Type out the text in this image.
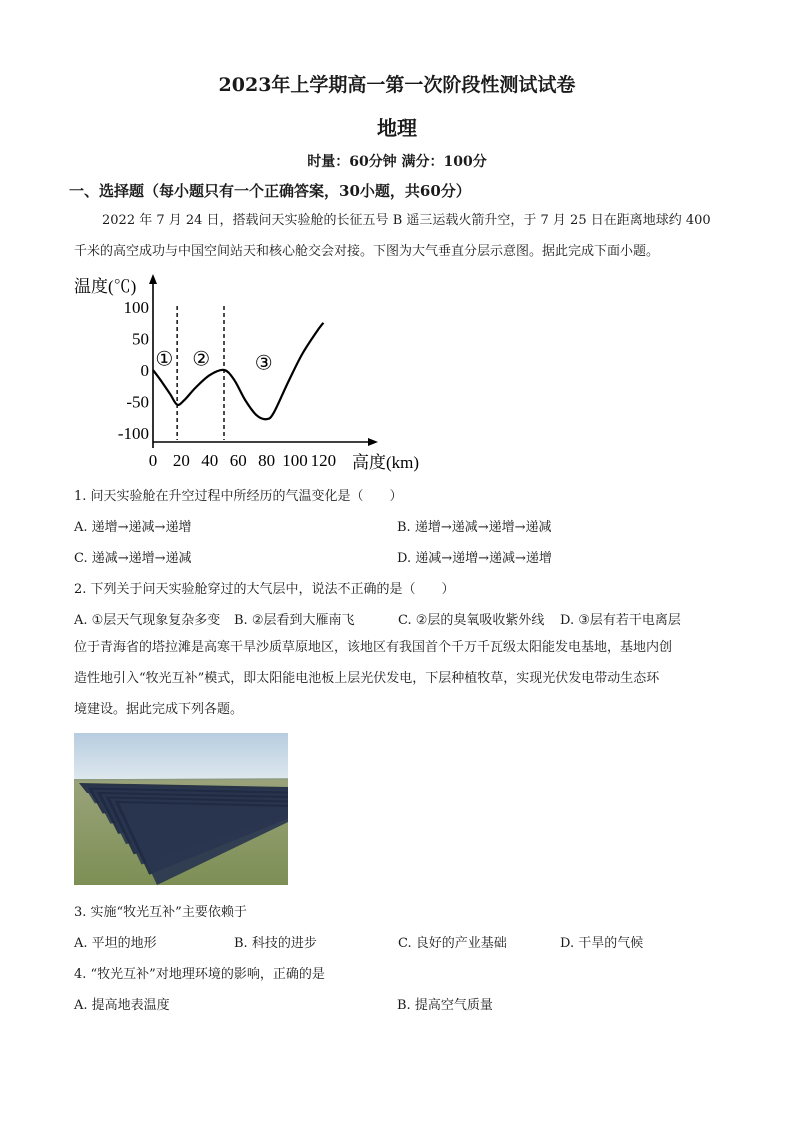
2023年上学期高一第一次阶段性测试试卷
地理
时量：60分钟 满分：100分
一、选择题（每小题只有一个正确答案，30小题，共60分）
2022 年 7 月 24 日，搭载问天实验舱的长征五号 B 遥三运载火箭升空，于 7 月 25 日在距离地球约 400
千米的高空成功与中国空间站天和核心舱交会对接。下图为大气垂直分层示意图。据此完成下面小题。
温度(℃)
高度(km)
100
50
0
-50
-100
0 20 40 60 80 100 120
① ② ③
1. 问天实验舱在升空过程中所经历的气温变化是（　　）
A. 递增→递减→递增	B. 递增→递减→递增→递减
C. 递减→递增→递减	D. 递减→递增→递减→递增
2. 下列关于问天实验舱穿过的大气层中，说法不正确的是（　　）
A. ①层天气现象复杂多变 B. ②层看到大雁南飞	C. ②层的臭氧吸收紫外线 D. ③层有若干电离层
位于青海省的塔拉滩是高寒干旱沙质草原地区，该地区有我国首个千万千瓦级太阳能发电基地，基地内创
造性地引入“牧光互补”模式，即太阳能电池板上层光伏发电，下层种植牧草，实现光伏发电带动生态环
境建设。据此完成下列各题。
3. 实施“牧光互补”主要依赖于
A. 平坦的地形	B. 科技的进步	C. 良好的产业基础	D. 干旱的气候
4. “牧光互补”对地理环境的影响，正确的是
A. 提高地表温度	B. 提高空气质量
